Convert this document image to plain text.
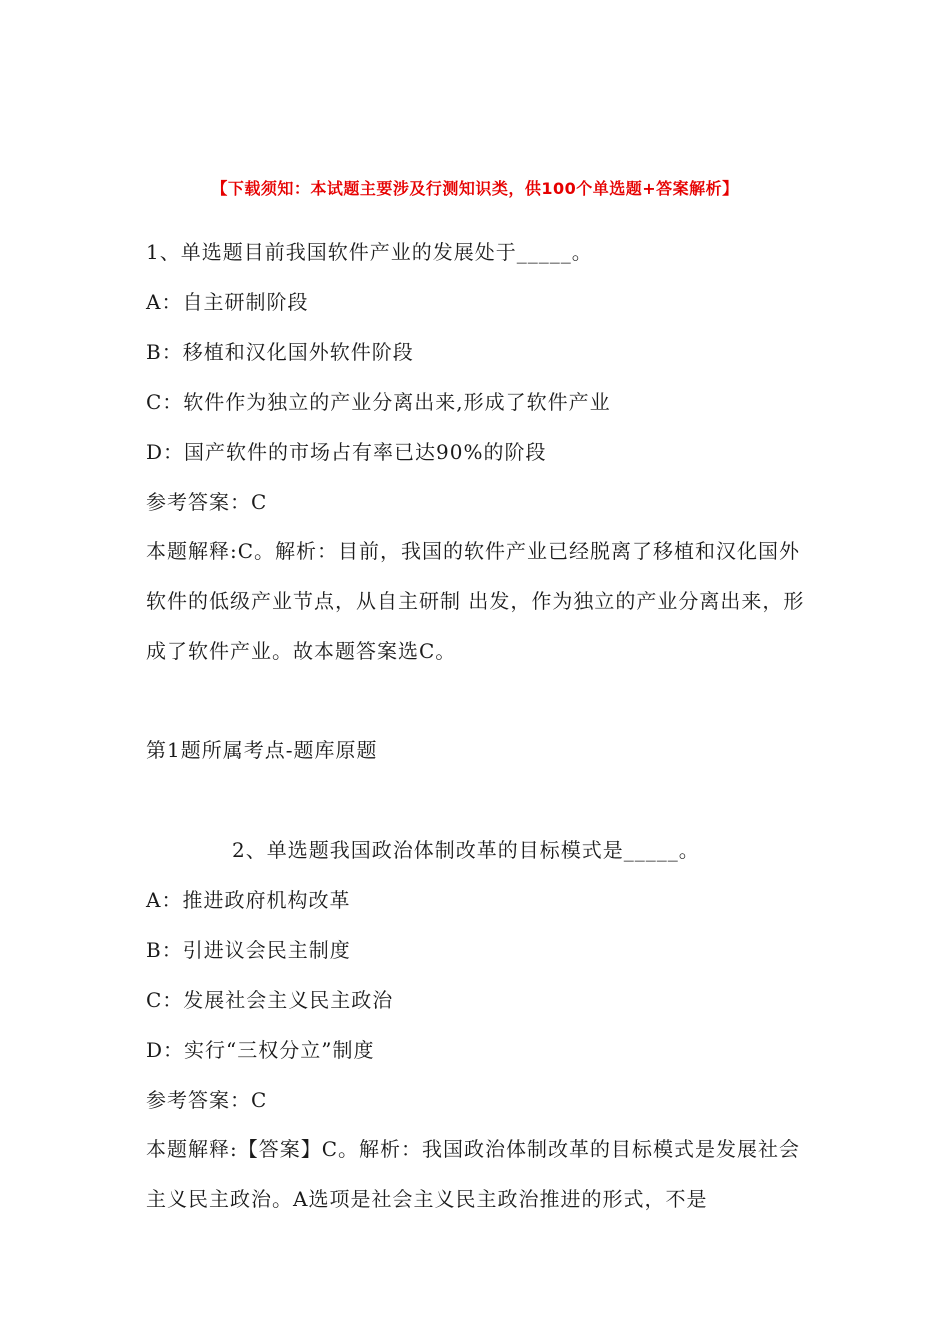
【下载须知：本试题主要涉及行测知识类，供100个单选题+答案解析】
1、单选题目前我国软件产业的发展处于_____。
A：自主研制阶段
B：移植和汉化国外软件阶段
C：软件作为独立的产业分离出来,形成了软件产业
D：国产软件的市场占有率已达90%的阶段
参考答案：C
本题解释:C。解析：目前，我国的软件产业已经脱离了移植和汉化国外软件的低级产业节点，从自主研制 出发，作为独立的产业分离出来，形成了软件产业。故本题答案选C。
第1题所属考点-题库原题
2、单选题我国政治体制改革的目标模式是_____。
A：推进政府机构改革
B：引进议会民主制度
C：发展社会主义民主政治
D：实行“三权分立”制度
参考答案：C
本题解释:【答案】C。解析：我国政治体制改革的目标模式是发展社会主义民主政治。A选项是社会主义民主政治推进的形式，不是
